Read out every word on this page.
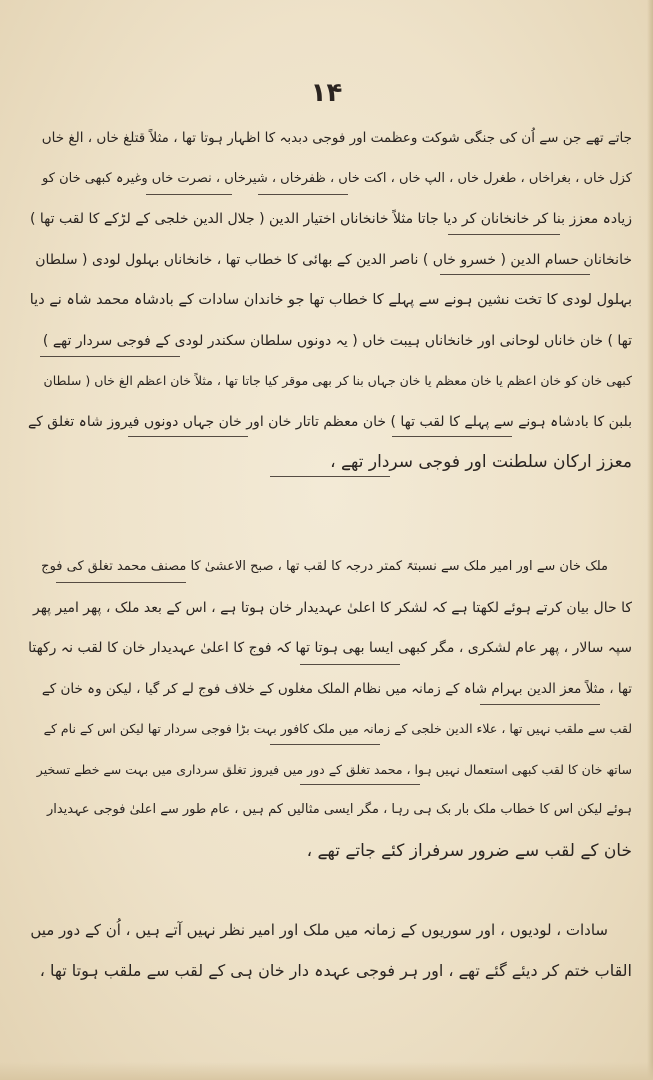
۱۴
جاتے تھے جن سے اُن کی جنگی شوکت وعظمت اور فوجی دبدبہ کا اظہار ہوتا تھا ، مثلاً قتلغ خاں ، الغ خاں
کزل خاں ، بغراخاں ، طغرل خاں ، الپ خاں ، اکت خاں ، ظفرخاں ، شیرخاں ، نصرت خاں وغیرہ کبھی خان کو
زیادہ معزز بنا کر خانخانان کر دیا جاتا مثلاً خانخاناں اختیار الدین ( جلال الدین خلجی کے لڑکے کا لقب تھا )
خانخانان حسام الدین ( خسرو خاں ) ناصر الدین کے بھائی کا خطاب تھا ، خانخاناں بہلول لودی ( سلطان
بہلول لودی کا تخت نشین ہونے سے پہلے کا خطاب تھا جو خاندان سادات کے بادشاہ محمد شاہ نے دیا
تھا ) خان خاناں لوحانی اور خانخاناں ہیبت خاں ( یہ دونوں سلطان سکندر لودی کے فوجی سردار تھے )
کبھی خان کو خان اعظم یا خان معظم یا خان جہاں بنا کر بھی موقر کیا جاتا تھا ، مثلاً خان اعظم الغ خاں ( سلطان
بلبن کا بادشاہ ہونے سے پہلے کا لقب تھا ) خان معظم تاتار خان اور خان جہاں دونوں فیروز شاہ تغلق کے
معزز ارکان سلطنت اور فوجی سردار تھے ،
ملک خان سے اور امیر ملک سے نسبتہً کمتر درجہ کا لقب تھا ، صبح الاعشیٰ کا مصنف محمد تغلق کی فوج
کا حال بیان کرتے ہوئے لکھتا ہے کہ لشکر کا اعلیٰ عہدیدار خان ہوتا ہے ، اس کے بعد ملک ، پھر امیر پھر
سپہ سالار ، پھر عام لشکری ، مگر کبھی ایسا بھی ہوتا تھا کہ فوج کا اعلیٰ عہدیدار خان کا لقب نہ رکھتا
تھا ، مثلاً معز الدین بہرام شاہ کے زمانہ میں نظام الملک مغلوں کے خلاف فوج لے کر گیا ، لیکن وہ خان کے
لقب سے ملقب نہیں تھا ، علاء الدین خلجی کے زمانہ میں ملک کافور بہت بڑا فوجی سردار تھا لیکن اس کے نام کے
ساتھ خان کا لقب کبھی استعمال نہیں ہوا ، محمد تغلق کے دور میں فیروز تغلق سرداری میں بہت سے خطے تسخیر
ہوئے لیکن اس کا خطاب ملک بار بک ہی رہا ، مگر ایسی مثالیں کم ہیں ، عام طور سے اعلیٰ فوجی عہدیدار
خان کے لقب سے ضرور سرفراز کئے جاتے تھے ،
سادات ، لودیوں ، اور سوریوں کے زمانہ میں ملک اور امیر نظر نہیں آتے ہیں ، اُن کے دور میں
القاب ختم کر دیئے گئے تھے ، اور ہر فوجی عہدہ دار خان ہی کے لقب سے ملقب ہوتا تھا ،
